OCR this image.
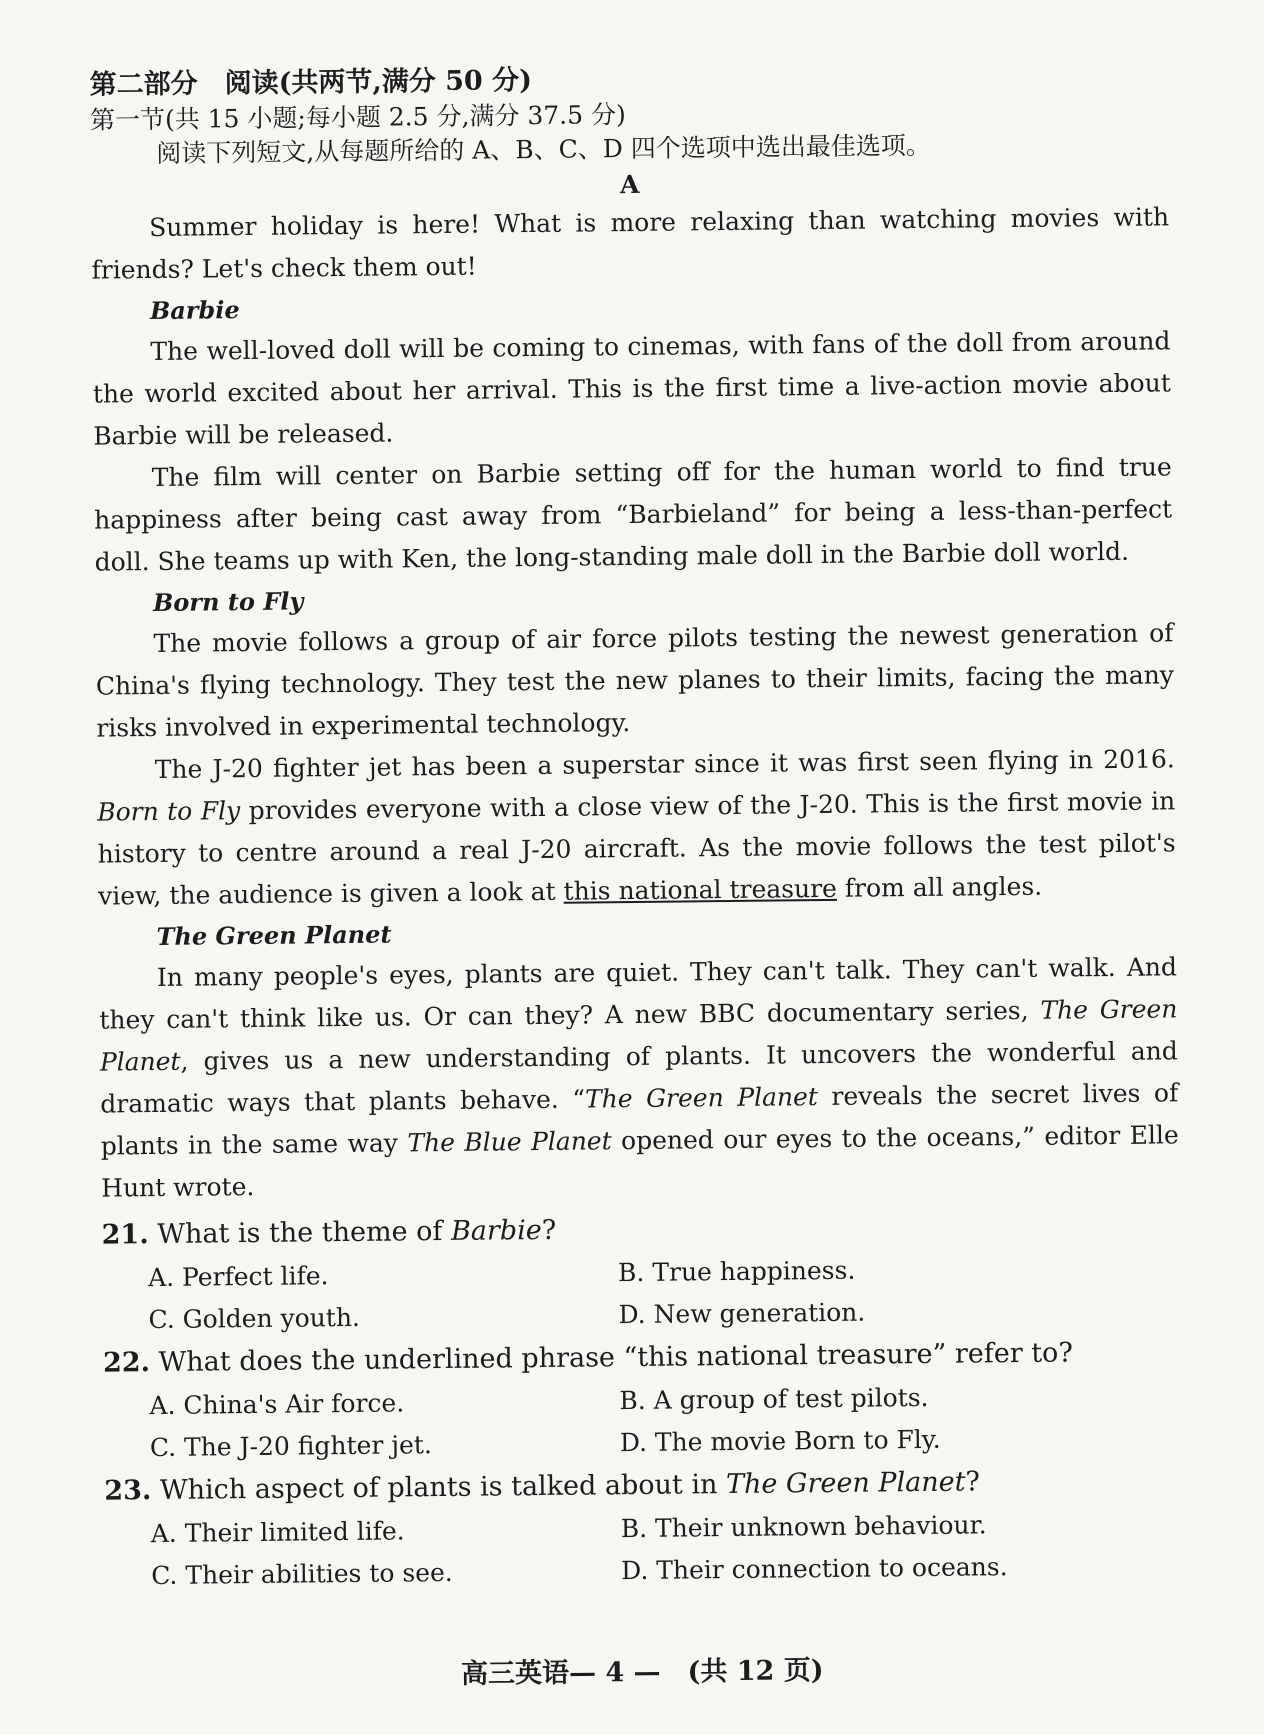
第二部分　阅读(共两节,满分 50 分)
第一节(共 15 小题;每小题 2.5 分,满分 37.5 分)
阅读下列短文,从每题所给的 A、B、C、D 四个选项中选出最佳选项。
A

Summer holiday is here! What is more relaxing than watching movies with friends? Let's check them out!

Barbie

The well-loved doll will be coming to cinemas, with fans of the doll from around the world excited about her arrival. This is the first time a live-action movie about Barbie will be released.

The film will center on Barbie setting off for the human world to find true happiness after being cast away from “Barbieland” for being a less-than-perfect doll. She teams up with Ken, the long-standing male doll in the Barbie doll world.

Born to Fly

The movie follows a group of air force pilots testing the newest generation of China's flying technology. They test the new planes to their limits, facing the many risks involved in experimental technology.

The J-20 fighter jet has been a superstar since it was first seen flying in 2016. Born to Fly provides everyone with a close view of the J-20. This is the first movie in history to centre around a real J-20 aircraft. As the movie follows the test pilot's view, the audience is given a look at this national treasure from all angles.

The Green Planet

In many people's eyes, plants are quiet. They can't talk. They can't walk. And they can't think like us. Or can they? A new BBC documentary series, The Green Planet, gives us a new understanding of plants. It uncovers the wonderful and dramatic ways that plants behave. “The Green Planet reveals the secret lives of plants in the same way The Blue Planet opened our eyes to the oceans,” editor Elle Hunt wrote.

21. What is the theme of Barbie?
A. Perfect life.	B. True happiness.
C. Golden youth.	D. New generation.
22. What does the underlined phrase “this national treasure” refer to?
A. China's Air force.	B. A group of test pilots.
C. The J-20 fighter jet.	D. The movie Born to Fly.
23. Which aspect of plants is talked about in The Green Planet?
A. Their limited life.	B. Their unknown behaviour.
C. Their abilities to see.	D. Their connection to oceans.
高三英语— 4 —　(共 12 页)
